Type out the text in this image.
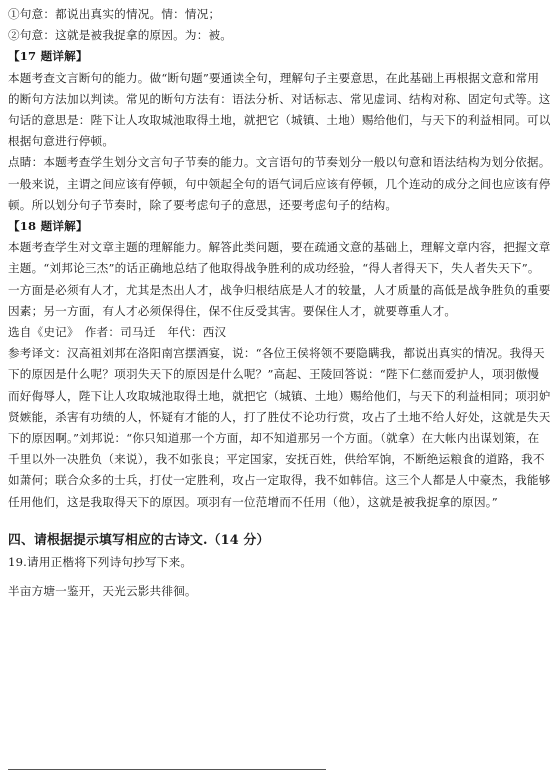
①句意：都说出真实的情况。情：情况；
②句意：这就是被我捉拿的原因。为：被。
【17 题详解】
本题考查文言断句的能力。做“断句题”要通读全句，理解句子主要意思，在此基础上再根据文意和常用
的断句方法加以判读。常见的断句方法有：语法分析、对话标志、常见虚词、结构对称、固定句式等。这
句话的意思是：陛下让人攻取城池取得土地，就把它（城镇、土地）赐给他们，与天下的利益相同。可以
根据句意进行停顿。
点睛：本题考查学生划分文言句子节奏的能力。文言语句的节奏划分一般以句意和语法结构为划分依据。
一般来说，主谓之间应该有停顿，句中领起全句的语气词后应该有停顿，几个连动的成分之间也应该有停
顿。所以划分句子节奏时，除了要考虑句子的意思，还要考虑句子的结构。
【18 题详解】
本题考查学生对文章主题的理解能力。解答此类问题，要在疏通文意的基础上，理解文章内容，把握文章
主题。“刘邦论三杰”的话正确地总结了他取得战争胜利的成功经验，“得人者得天下，失人者失天下”。
一方面是必须有人才，尤其是杰出人才，战争归根结底是人才的较量，人才质量的高低是战争胜负的重要
因素；另一方面，有人才必须保得住，保不住反受其害。要保住人才，就要尊重人才。
选自《史记》　作者：司马迁　年代：西汉
参考译文：汉高祖刘邦在洛阳南宫摆酒宴，说：“各位王侯将领不要隐瞒我，都说出真实的情况。我得天
下的原因是什么呢？项羽失天下的原因是什么呢？”高起、王陵回答说：“陛下仁慈而爱护人，项羽傲慢
而好侮辱人，陛下让人攻取城池取得土地，就把它（城镇、土地）赐给他们，与天下的利益相同；项羽妒
贤嫉能，杀害有功绩的人，怀疑有才能的人，打了胜仗不论功行赏，攻占了土地不给人好处，这就是失天
下的原因啊。”刘邦说：“你只知道那一个方面，却不知道那另一个方面。（就拿）在大帐内出谋划策，在
千里以外一决胜负（来说），我不如张良；平定国家，安抚百姓，供给军饷，不断绝运粮食的道路，我不
如萧何；联合众多的士兵，打仗一定胜利，攻占一定取得，我不如韩信。这三个人都是人中豪杰，我能够
任用他们，这是我取得天下的原因。项羽有一位范增而不任用（他），这就是被我捉拿的原因。”
四、请根据提示填写相应的古诗文.（14 分）
19.请用正楷将下列诗句抄写下来。
半亩方塘一鉴开，天光云影共徘徊。
